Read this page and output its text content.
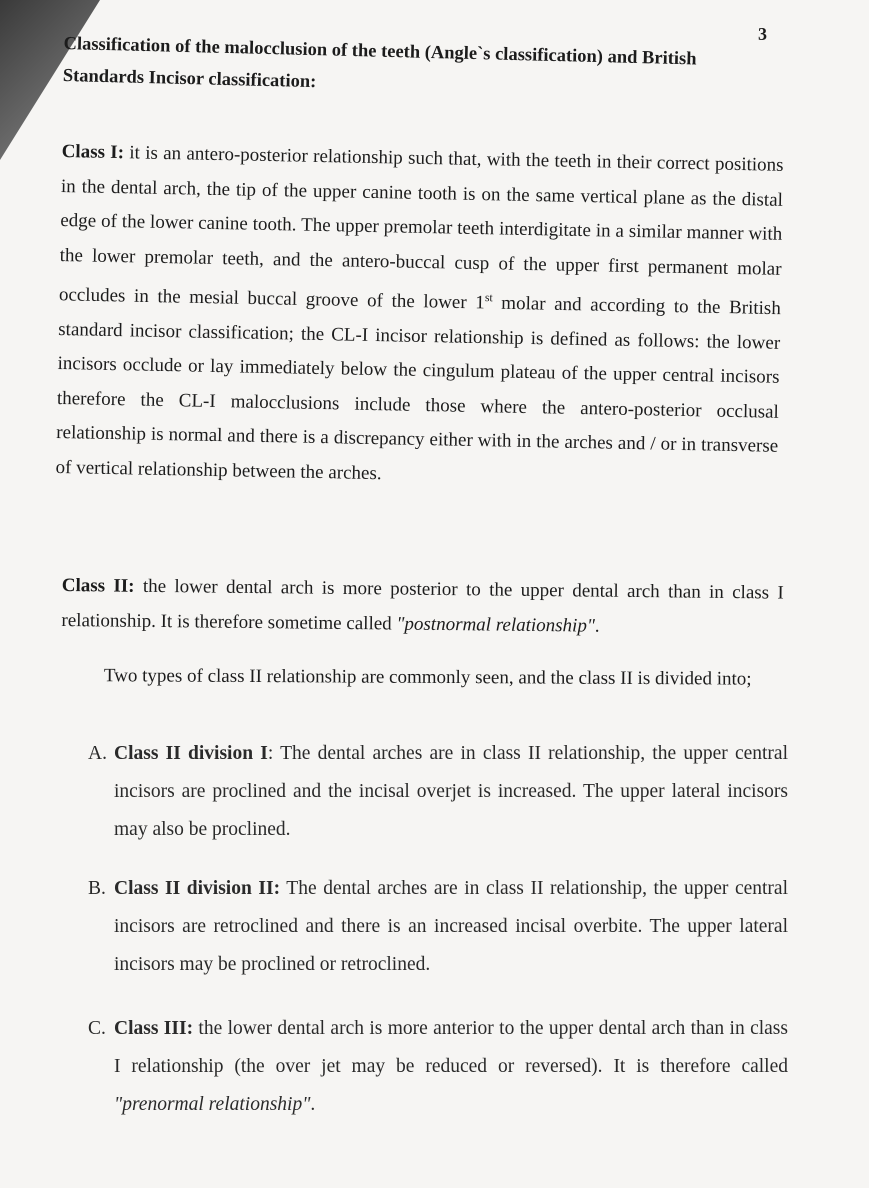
3
Classification of the malocclusion of the teeth (Angle`s classification) and British Standards Incisor classification:

Class I: it is an antero-posterior relationship such that, with the teeth in their correct positions in the dental arch, the tip of the upper canine tooth is on the same vertical plane as the distal edge of the lower canine tooth. The upper premolar teeth interdigitate in a similar manner with the lower premolar teeth, and the antero-buccal cusp of the upper first permanent molar occludes in the mesial buccal groove of the lower 1st molar and according to the British standard incisor classification; the CL-I incisor relationship is defined as follows: the lower incisors occlude or lay immediately below the cingulum plateau of the upper central incisors therefore the CL-I malocclusions include those where the antero-posterior occlusal relationship is normal and there is a discrepancy either with in the arches and / or in transverse of vertical relationship between the arches.

Class II: the lower dental arch is more posterior to the upper dental arch than in class I relationship. It is therefore sometime called "postnormal relationship".

Two types of class II relationship are commonly seen, and the class II is divided into;

A. Class II division I: The dental arches are in class II relationship, the upper central incisors are proclined and the incisal overjet is increased. The upper lateral incisors may also be proclined.
B. Class II division II: The dental arches are in class II relationship, the upper central incisors are retroclined and there is an increased incisal overbite. The upper lateral incisors may be proclined or retroclined.
C. Class III: the lower dental arch is more anterior to the upper dental arch than in class I relationship (the over jet may be reduced or reversed). It is therefore called "prenormal relationship".
